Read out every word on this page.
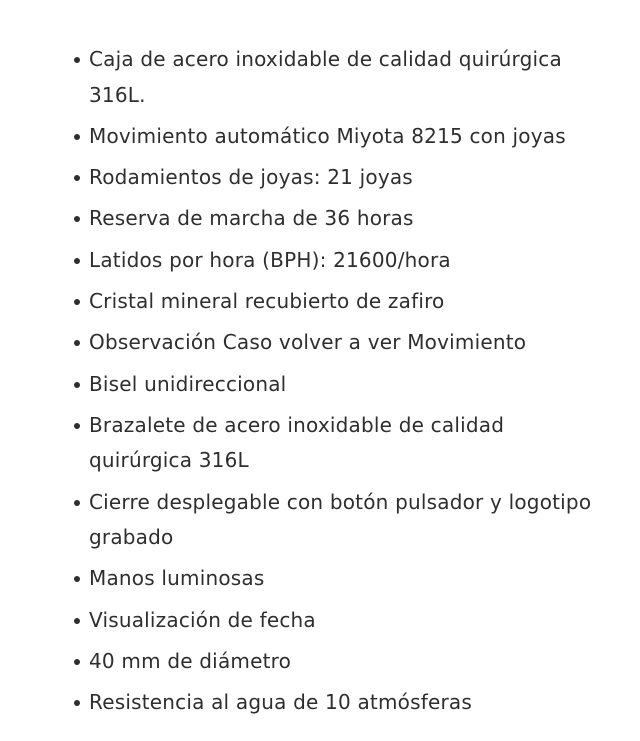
Caja de acero inoxidable de calidad quirúrgica 316L.
Movimiento automático Miyota 8215 con joyas
Rodamientos de joyas: 21 joyas
Reserva de marcha de 36 horas
Latidos por hora (BPH): 21600/hora
Cristal mineral recubierto de zafiro
Observación Caso volver a ver Movimiento
Bisel unidireccional
Brazalete de acero inoxidable de calidad quirúrgica 316L
Cierre desplegable con botón pulsador y logotipo grabado
Manos luminosas
Visualización de fecha
40 mm de diámetro
Resistencia al agua de 10 atmósferas
